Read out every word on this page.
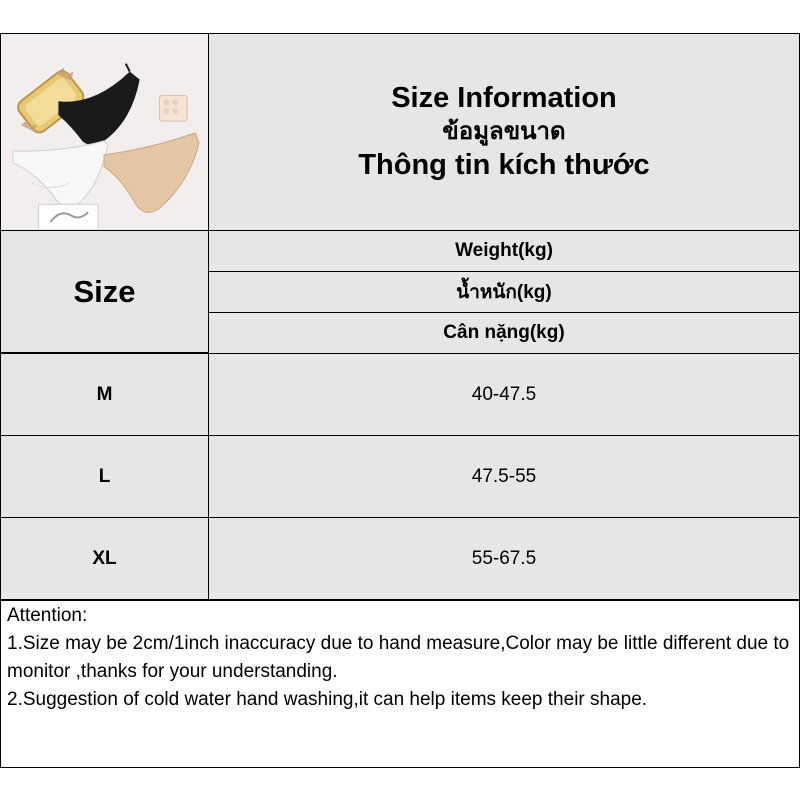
Size Information
ข้อมูลขนาด
Thông tin kích thước
Size
Weight(kg)
น้ำหนัก(kg)
Cân nặng(kg)
M	40-47.5
L	47.5-55
XL	55-67.5
Attention:
1.Size may be 2cm/1inch inaccuracy due to hand measure,Color may be little different due to monitor ,thanks for your understanding.
2.Suggestion of cold water hand washing,it can help items keep their shape.
